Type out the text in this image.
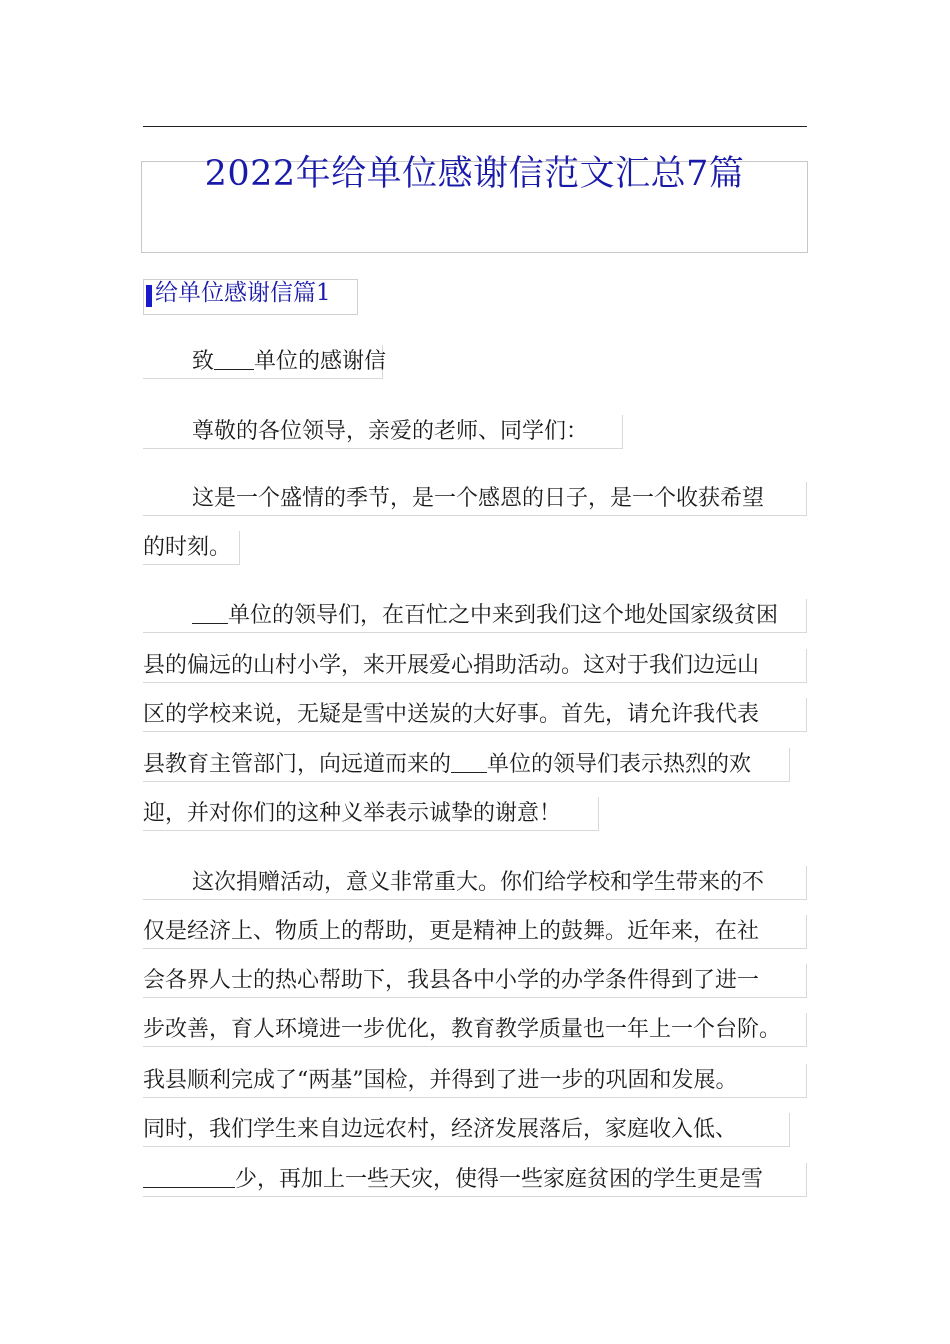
2022年给单位感谢信范文汇总7篇
给单位感谢信篇1
致 单位的感谢信
尊敬的各位领导，亲爱的老师、同学们：
这是一个盛情的季节，是一个感恩的日子，是一个收获希望
的时刻。
单位的领导们，在百忙之中来到我们这个地处国家级贫困
县的偏远的山村小学，来开展爱心捐助活动。这对于我们边远山
区的学校来说，无疑是雪中送炭的大好事。首先，请允许我代表
县教育主管部门，向远道而来的 单位的领导们表示热烈的欢
迎，并对你们的这种义举表示诚挚的谢意！
这次捐赠活动，意义非常重大。你们给学校和学生带来的不
仅是经济上、物质上的帮助，更是精神上的鼓舞。近年来，在社
会各界人士的热心帮助下，我县各中小学的办学条件得到了进一
步改善，育人环境进一步优化，教育教学质量也一年上一个台阶。
我县顺利完成了“两基”国检，并得到了进一步的巩固和发展。
同时，我们学生来自边远农村，经济发展落后，家庭收入低、
少，再加上一些天灾，使得一些家庭贫困的学生更是雪
